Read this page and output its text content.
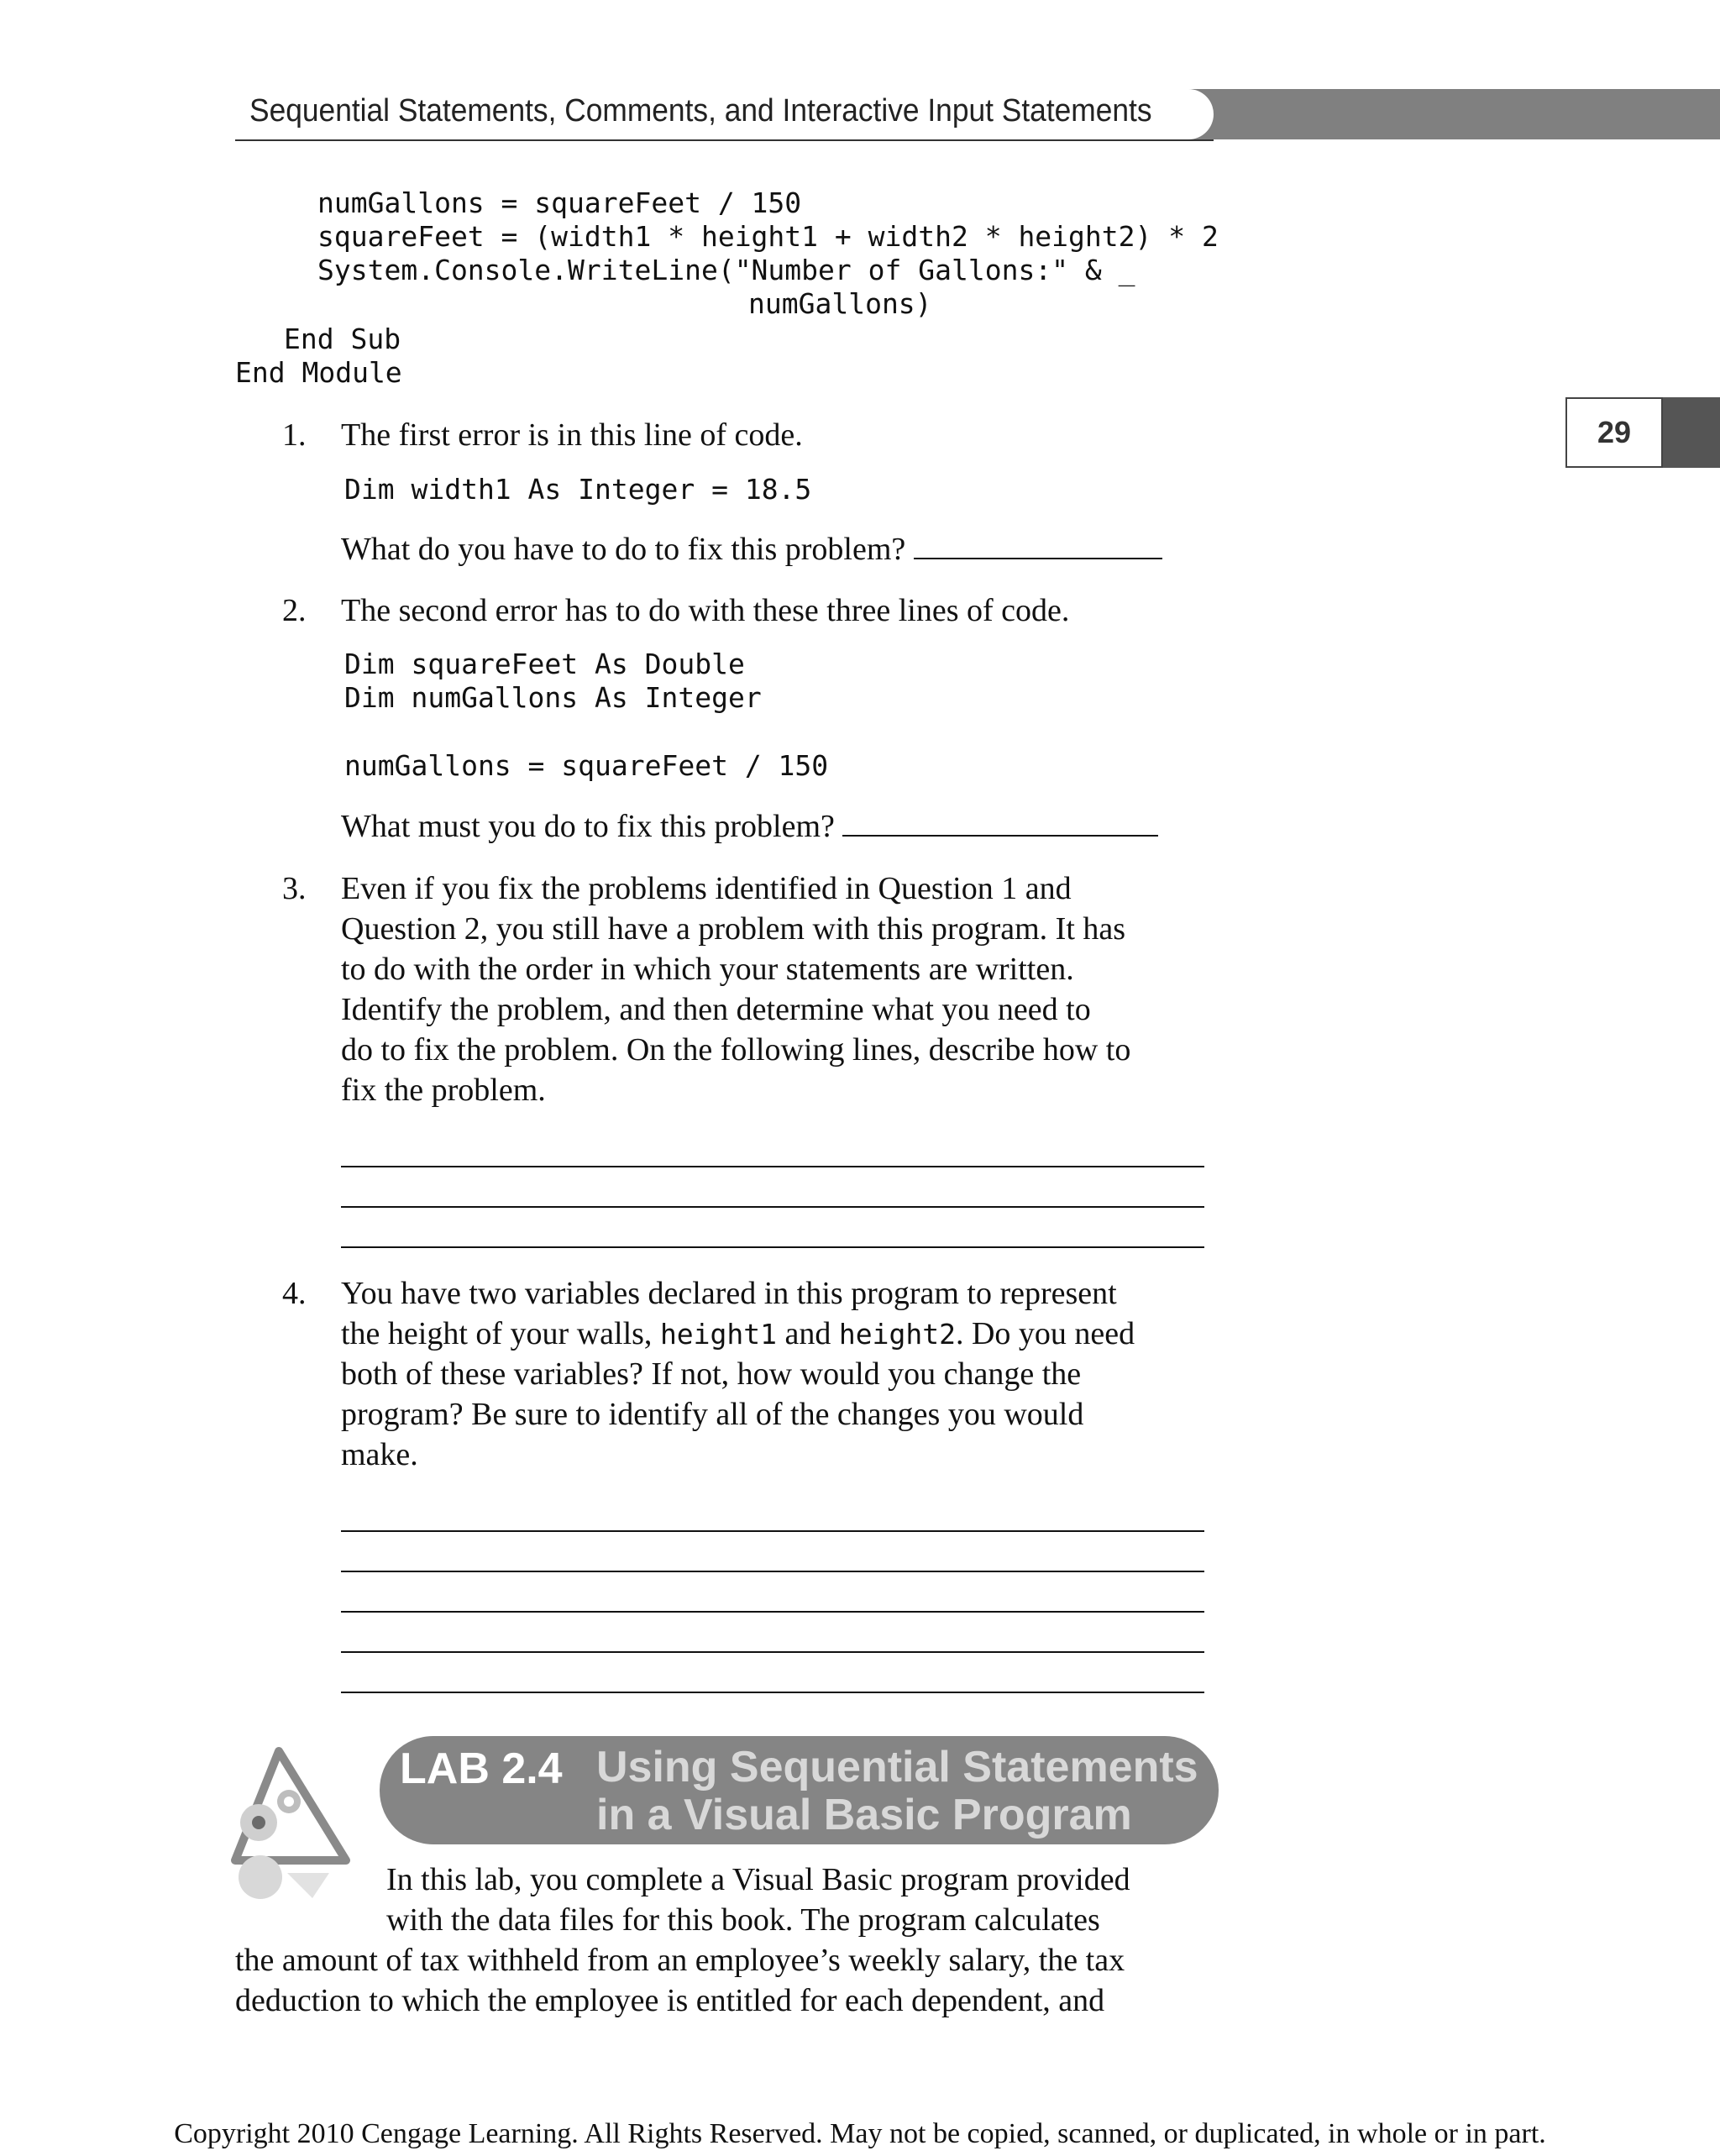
Sequential Statements, Comments, and Interactive Input Statements
29
numGallons = squareFeet / 150
squareFeet = (width1 * height1 + width2 * height2) * 2
System.Console.WriteLine("Number of Gallons:" & _
numGallons)
End Sub
End Module
1. The first error is in this line of code.
Dim width1 As Integer = 18.5
What do you have to do to fix this problem?
2. The second error has to do with these three lines of code.
Dim squareFeet As Double
Dim numGallons As Integer
numGallons = squareFeet / 150
What must you do to fix this problem?
3. Even if you fix the problems identified in Question 1 and
Question 2, you still have a problem with this program. It has
to do with the order in which your statements are written.
Identify the problem, and then determine what you need to
do to fix the problem. On the following lines, describe how to
fix the problem.
4. You have two variables declared in this program to represent
the height of your walls, height1 and height2. Do you need
both of these variables? If not, how would you change the
program? Be sure to identify all of the changes you would
make.
LAB 2.4 Using Sequential Statements
in a Visual Basic Program
In this lab, you complete a Visual Basic program provided
with the data files for this book. The program calculates
the amount of tax withheld from an employee’s weekly salary, the tax
deduction to which the employee is entitled for each dependent, and
Copyright 2010 Cengage Learning. All Rights Reserved. May not be copied, scanned, or duplicated, in whole or in part.
